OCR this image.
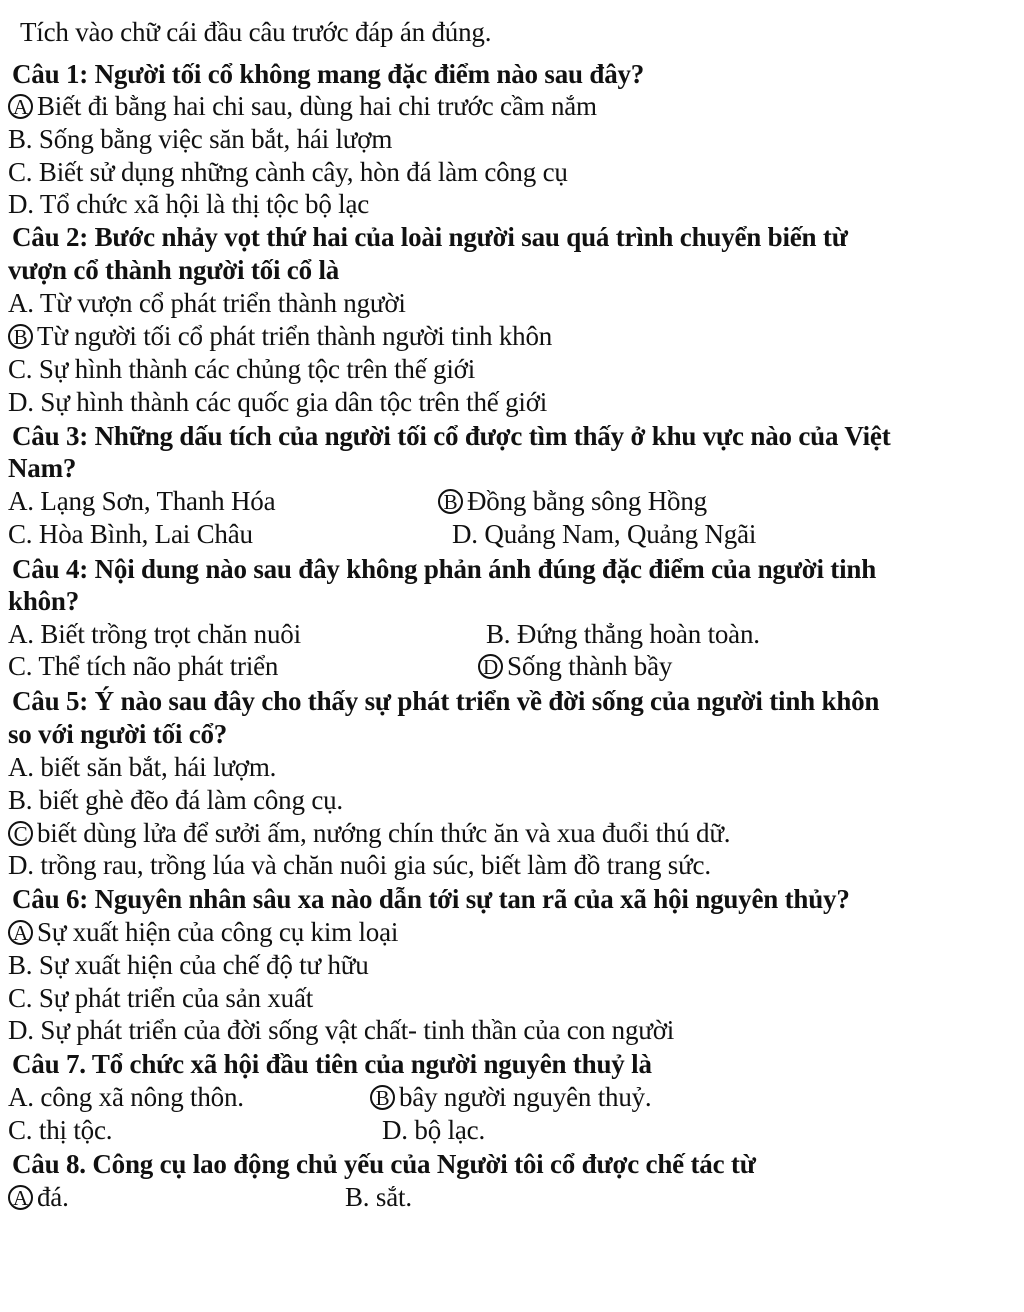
Tích vào chữ cái đầu câu trước đáp án đúng.
Câu 1: Người tối cổ không mang đặc điểm nào sau đây?
A Biết đi bằng hai chi sau, dùng hai chi trước cầm nắm
B. Sống bằng việc săn bắt, hái lượm
C. Biết sử dụng những cành cây, hòn đá làm công cụ
D. Tổ chức xã hội là thị tộc bộ lạc
Câu 2: Bước nhảy vọt thứ hai của loài người sau quá trình chuyển biến từ
vượn cổ thành người tối cổ là
A. Từ vượn cổ phát triển thành người
B Từ người tối cổ phát triển thành người tinh khôn
C. Sự hình thành các chủng tộc trên thế giới
D. Sự hình thành các quốc gia dân tộc trên thế giới
Câu 3: Những dấu tích của người tối cổ được tìm thấy ở khu vực nào của Việt
Nam?
A. Lạng Sơn, Thanh Hóa	B Đồng bằng sông Hồng
C. Hòa Bình, Lai Châu	D. Quảng Nam, Quảng Ngãi
Câu 4: Nội dung nào sau đây không phản ánh đúng đặc điểm của người tinh
khôn?
A. Biết trồng trọt chăn nuôi	B. Đứng thẳng hoàn toàn.
C. Thể tích não phát triển	D Sống thành bầy
Câu 5: Ý nào sau đây cho thấy sự phát triển về đời sống của người tinh khôn
so với người tối cổ?
A. biết săn bắt, hái lượm.
B. biết ghè đẽo đá làm công cụ.
C biết dùng lửa để sưởi ấm, nướng chín thức ăn và xua đuổi thú dữ.
D. trồng rau, trồng lúa và chăn nuôi gia súc, biết làm đồ trang sức.
Câu 6: Nguyên nhân sâu xa nào dẫn tới sự tan rã của xã hội nguyên thủy?
A Sự xuất hiện của công cụ kim loại
B. Sự xuất hiện của chế độ tư hữu
C. Sự phát triển của sản xuất
D. Sự phát triển của đời sống vật chất- tinh thần của con người
Câu 7. Tổ chức xã hội đầu tiên của người nguyên thuỷ là
A. công xã nông thôn.	B bây người nguyên thuỷ.
C. thị tộc.	D. bộ lạc.
Câu 8. Công cụ lao động chủ yếu của Người tôi cổ được chế tác từ
A đá.	B. sắt.
